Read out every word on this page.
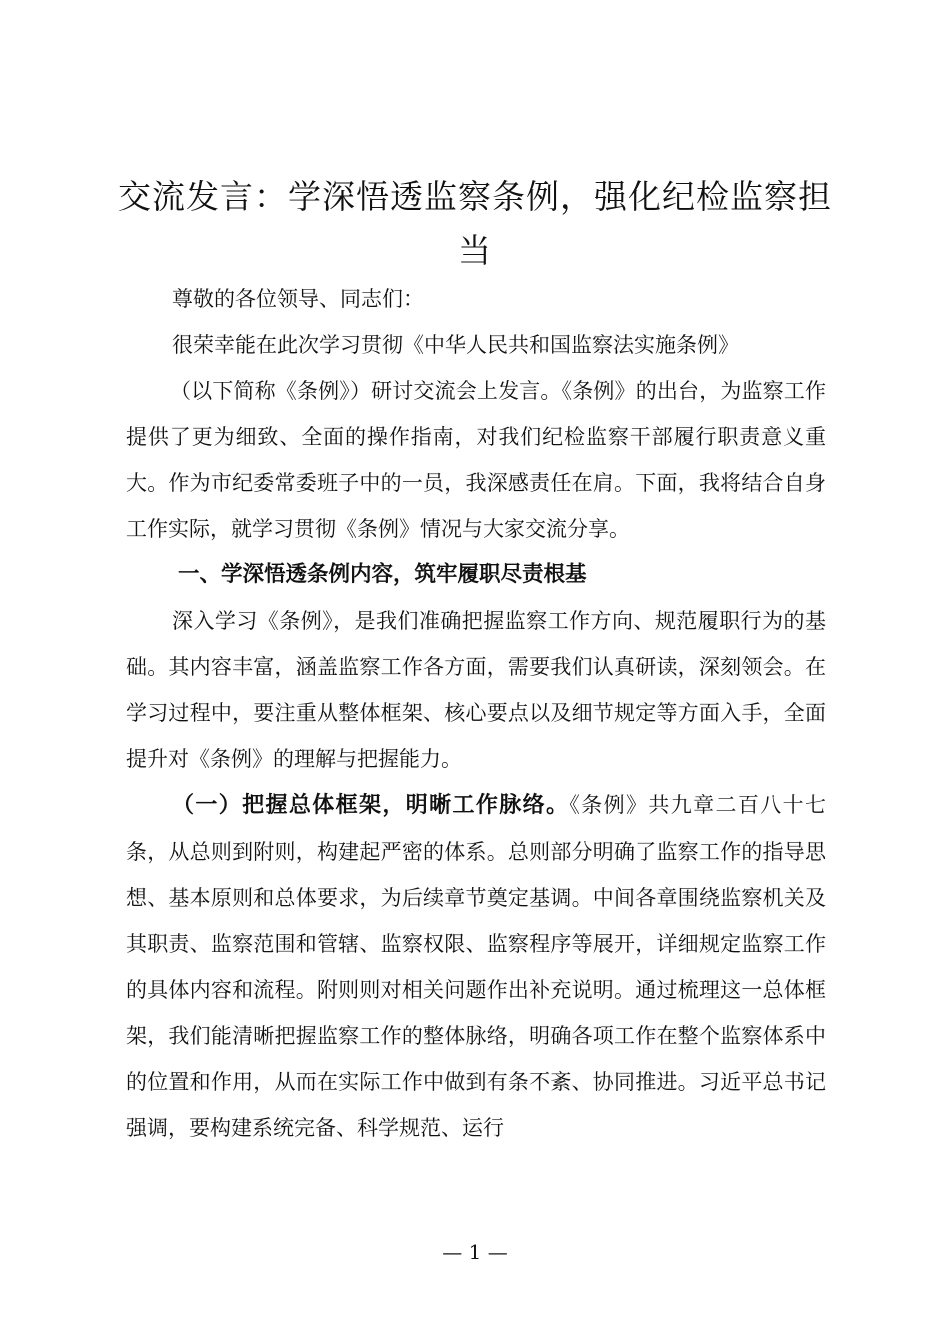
交流发言：学深悟透监察条例，强化纪检监察担当

尊敬的各位领导、同志们：

很荣幸能在此次学习贯彻《中华人民共和国监察法实施条例》

（以下简称《条例》）研讨交流会上发言。《条例》的出台，为监察工作提供了更为细致、全面的操作指南，对我们纪检监察干部履行职责意义重大。作为市纪委常委班子中的一员，我深感责任在肩。下面，我将结合自身工作实际，就学习贯彻《条例》情况与大家交流分享。

一、学深悟透条例内容，筑牢履职尽责根基

深入学习《条例》，是我们准确把握监察工作方向、规范履职行为的基础。其内容丰富，涵盖监察工作各方面，需要我们认真研读，深刻领会。在学习过程中，要注重从整体框架、核心要点以及细节规定等方面入手，全面提升对《条例》的理解与把握能力。

（一）把握总体框架，明晰工作脉络。《条例》共九章二百八十七条，从总则到附则，构建起严密的体系。总则部分明确了监察工作的指导思想、基本原则和总体要求，为后续章节奠定基调。中间各章围绕监察机关及其职责、监察范围和管辖、监察权限、监察程序等展开，详细规定监察工作的具体内容和流程。附则则对相关问题作出补充说明。通过梳理这一总体框架，我们能清晰把握监察工作的整体脉络，明确各项工作在整个监察体系中的位置和作用，从而在实际工作中做到有条不紊、协同推进。习近平总书记强调，要构建系统完备、科学规范、运行

— 1 —
